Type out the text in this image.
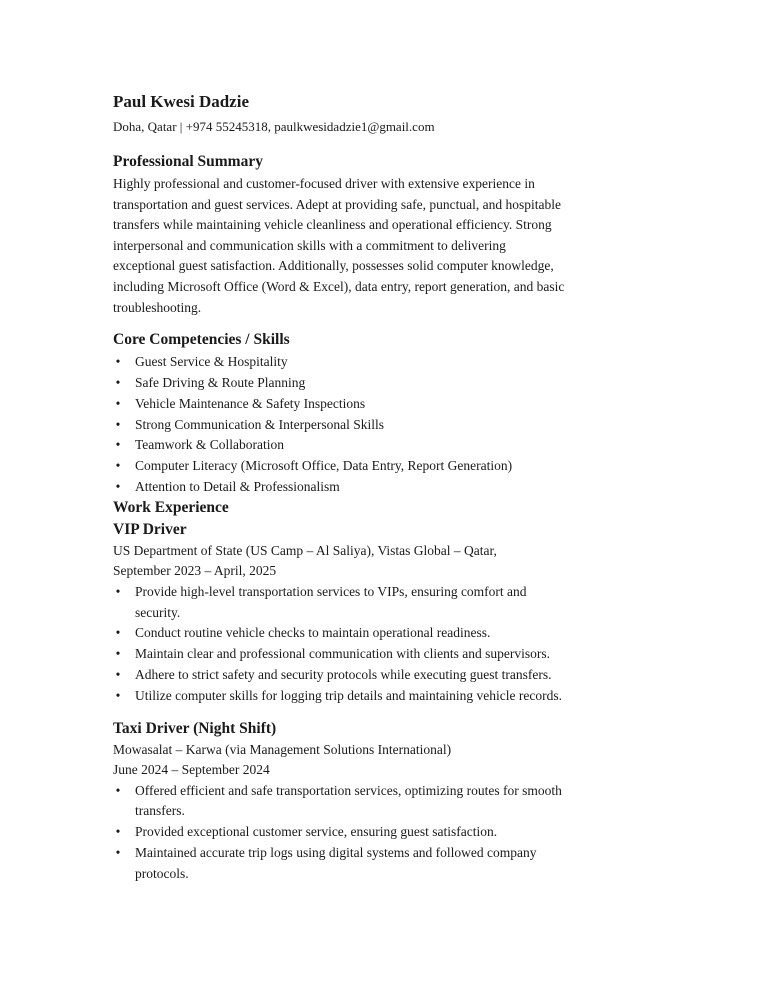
Paul Kwesi Dadzie
Doha, Qatar | +974 55245318, paulkwesidadzie1@gmail.com
Professional Summary
Highly professional and customer-focused driver with extensive experience in
transportation and guest services. Adept at providing safe, punctual, and hospitable
transfers while maintaining vehicle cleanliness and operational efficiency. Strong
interpersonal and communication skills with a commitment to delivering
exceptional guest satisfaction. Additionally, possesses solid computer knowledge,
including Microsoft Office (Word & Excel), data entry, report generation, and basic
troubleshooting.
Core Competencies / Skills
• Guest Service & Hospitality
• Safe Driving & Route Planning
• Vehicle Maintenance & Safety Inspections
• Strong Communication & Interpersonal Skills
• Teamwork & Collaboration
• Computer Literacy (Microsoft Office, Data Entry, Report Generation)
• Attention to Detail & Professionalism
Work Experience
VIP Driver
US Department of State (US Camp – Al Saliya), Vistas Global – Qatar,
September 2023 – April, 2025
• Provide high-level transportation services to VIPs, ensuring comfort and
security.
• Conduct routine vehicle checks to maintain operational readiness.
• Maintain clear and professional communication with clients and supervisors.
• Adhere to strict safety and security protocols while executing guest transfers.
• Utilize computer skills for logging trip details and maintaining vehicle records.
Taxi Driver (Night Shift)
Mowasalat – Karwa (via Management Solutions International)
June 2024 – September 2024
• Offered efficient and safe transportation services, optimizing routes for smooth
transfers.
• Provided exceptional customer service, ensuring guest satisfaction.
• Maintained accurate trip logs using digital systems and followed company
protocols.
